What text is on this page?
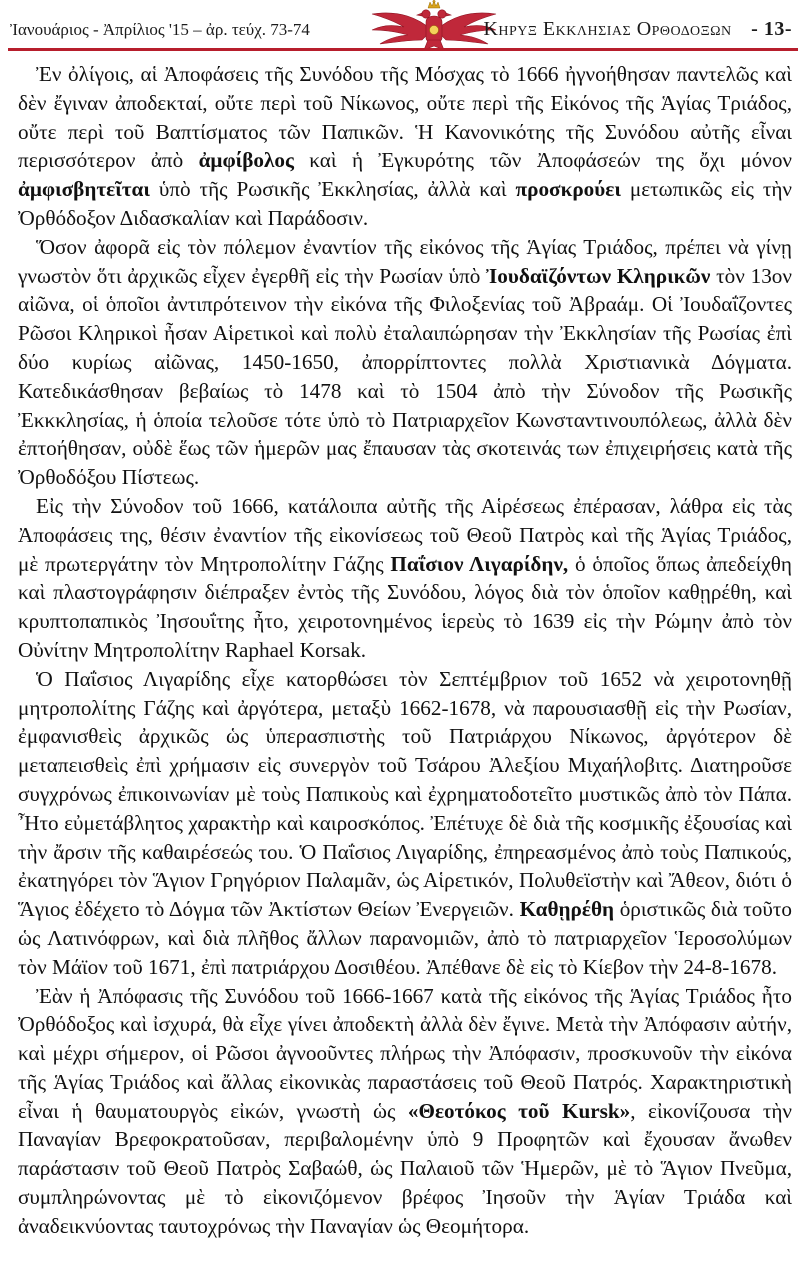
Ἰανουάριος - Ἀπρίλιος '15 – ἀρ. τεύχ. 73-74	Κηρυξ Εκκλησιας Ορθοδοξων - 13-

Ἐν ὀλίγοις, αἱ Ἀποφάσεις τῆς Συνόδου τῆς Μόσχας τὸ 1666 ἠγνοήθησαν παντελῶς καὶ δὲν ἔγιναν ἀποδεκταί, οὔτε περὶ τοῦ Νίκωνος, οὔτε περὶ τῆς Εἰκόνος τῆς Ἁγίας Τριάδος, οὔτε περὶ τοῦ Βαπτίσματος τῶν Παπικῶν. Ἡ Κανονικότης τῆς Συνόδου αὐτῆς εἶναι περισσότερον ἀπὸ ἀμφίβολος καὶ ἡ Ἐγκυρότης τῶν Ἀποφάσεών της ὄχι μόνον ἀμφισβητεῖται ὑπὸ τῆς Ρωσικῆς Ἐκκλησίας, ἀλλὰ καὶ προσκρούει μετωπικῶς εἰς τὴν Ὀρθόδοξον Διδασκαλίαν καὶ Παράδοσιν.

Ὅσον ἀφορᾶ εἰς τὸν πόλεμον ἐναντίον τῆς εἰκόνος τῆς Ἁγίας Τριάδος, πρέπει νὰ γίνῃ γνωστὸν ὅτι ἀρχικῶς εἶχεν ἐγερθῆ εἰς τὴν Ρωσίαν ὑπὸ Ἰουδαϊζόντων Κληρικῶν τὸν 13ον αἰῶνα, οἱ ὁποῖοι ἀντιπρότεινον τὴν εἰκόνα τῆς Φιλοξενίας τοῦ Ἀβραάμ. Οἱ Ἰουδαΐζοντες Ρῶσοι Κληρικοὶ ἦσαν Αἱρετικοὶ καὶ πολὺ ἐταλαιπώρησαν τὴν Ἐκκλησίαν τῆς Ρωσίας ἐπὶ δύο κυρίως αἰῶνας, 1450-1650, ἀπορρίπτοντες πολλὰ Χριστιανικὰ Δόγματα. Κατεδικάσθησαν βεβαίως τὸ 1478 καὶ τὸ 1504 ἀπὸ τὴν Σύνοδον τῆς Ρωσικῆς Ἐκκκλησίας, ἡ ὁποία τελοῦσε τότε ὑπὸ τὸ Πατριαρχεῖον Κωνσταντινουπόλεως, ἀλλὰ δὲν ἐπτοήθησαν, οὐδὲ ἕως τῶν ἡμερῶν μας ἔπαυσαν τὰς σκοτεινάς των ἐπιχειρήσεις κατὰ τῆς Ὀρθοδόξου Πίστεως.

Εἰς τὴν Σύνοδον τοῦ 1666, κατάλοιπα αὐτῆς τῆς Αἱρέσεως ἐπέρασαν, λάθρα εἰς τὰς Ἀποφάσεις της, θέσιν ἐναντίον τῆς εἰκονίσεως τοῦ Θεοῦ Πατρὸς καὶ τῆς Ἁγίας Τριάδος, μὲ πρωτεργάτην τὸν Μητροπολίτην Γάζης Παΐσιον Λιγαρίδην, ὁ ὁποῖος ὅπως ἀπεδείχθη καὶ πλαστογράφησιν διέπραξεν ἐντὸς τῆς Συνόδου, λόγος διὰ τὸν ὁποῖον καθῃρέθη, καὶ κρυπτοπαπικὸς Ἰησουΐτης ἦτο, χειροτονημένος ἱερεὺς τὸ 1639 εἰς τὴν Ρώμην ἀπὸ τὸν Οὐνίτην Μητροπολίτην Raphael Korsak.

Ὁ Παΐσιος Λιγαρίδης εἶχε κατορθώσει τὸν Σεπτέμβριον τοῦ 1652 νὰ χειροτονηθῇ μητροπολίτης Γάζης καὶ ἀργότερα, μεταξὺ 1662-1678, νὰ παρουσιασθῇ εἰς τὴν Ρωσίαν, ἐμφανισθεὶς ἀρχικῶς ὡς ὑπερασπιστὴς τοῦ Πατριάρχου Νίκωνος, ἀργότερον δὲ μεταπεισθεὶς ἐπὶ χρήμασιν εἰς συνεργὸν τοῦ Τσάρου Ἀλεξίου Μιχαήλοβιτς. Διατηροῦσε συγχρόνως ἐπικοινωνίαν μὲ τοὺς Παπικοὺς καὶ ἐχρηματοδοτεῖτο μυστικῶς ἀπὸ τὸν Πάπα. Ἦτο εὐμετάβλητος χαρακτὴρ καὶ καιροσκόπος. Ἐπέτυχε δὲ διὰ τῆς κοσμικῆς ἐξουσίας καὶ τὴν ἄρσιν τῆς καθαιρέσεώς του. Ὁ Παΐσιος Λιγαρίδης, ἐπηρεασμένος ἀπὸ τοὺς Παπικούς, ἐκατηγόρει τὸν Ἅγιον Γρηγόριον Παλαμᾶν, ὡς Αἱρετικόν, Πολυθεϊστὴν καὶ Ἄθεον, διότι ὁ Ἅγιος ἐδέχετο τὸ Δόγμα τῶν Ἀκτίστων Θείων Ἐνεργειῶν. Καθῃρέθη ὁριστικῶς διὰ τοῦτο ὡς Λατινόφρων, καὶ διὰ πλῆθος ἄλλων παρανομιῶν, ἀπὸ τὸ πατριαρχεῖον Ἱεροσολύμων τὸν Μάϊον τοῦ 1671, ἐπὶ πατριάρχου Δοσιθέου. Ἀπέθανε δὲ εἰς τὸ Κίεβον τὴν 24-8-1678.

Ἐὰν ἡ Ἀπόφασις τῆς Συνόδου τοῦ 1666-1667 κατὰ τῆς εἰκόνος τῆς Ἁγίας Τριάδος ἦτο Ὀρθόδοξος καὶ ἰσχυρά, θὰ εἶχε γίνει ἀποδεκτὴ ἀλλὰ δὲν ἔγινε. Μετὰ τὴν Ἀπόφασιν αὐτήν, καὶ μέχρι σήμερον, οἱ Ρῶσοι ἀγνοοῦντες πλήρως τὴν Ἀπόφασιν, προσκυνοῦν τὴν εἰκόνα τῆς Ἁγίας Τριάδος καὶ ἄλλας εἰκονικὰς παραστάσεις τοῦ Θεοῦ Πατρός. Χαρακτηριστικὴ εἶναι ἡ θαυματουργὸς εἰκών, γνωστὴ ὡς «Θεοτόκος τοῦ Kursk», εἰκονίζουσα τὴν Παναγίαν Βρεφοκρατοῦσαν, περιβαλομένην ὑπὸ 9 Προφητῶν καὶ ἔχουσαν ἄνωθεν παράστασιν τοῦ Θεοῦ Πατρὸς Σαβαώθ, ὡς Παλαιοῦ τῶν Ἡμερῶν, μὲ τὸ Ἅγιον Πνεῦμα, συμπληρώνοντας μὲ τὸ εἰκονιζόμενον βρέφος Ἰησοῦν τὴν Ἁγίαν Τριάδα καὶ ἀναδεικνύοντας ταυτοχρόνως τὴν Παναγίαν ὡς Θεομήτορα.
